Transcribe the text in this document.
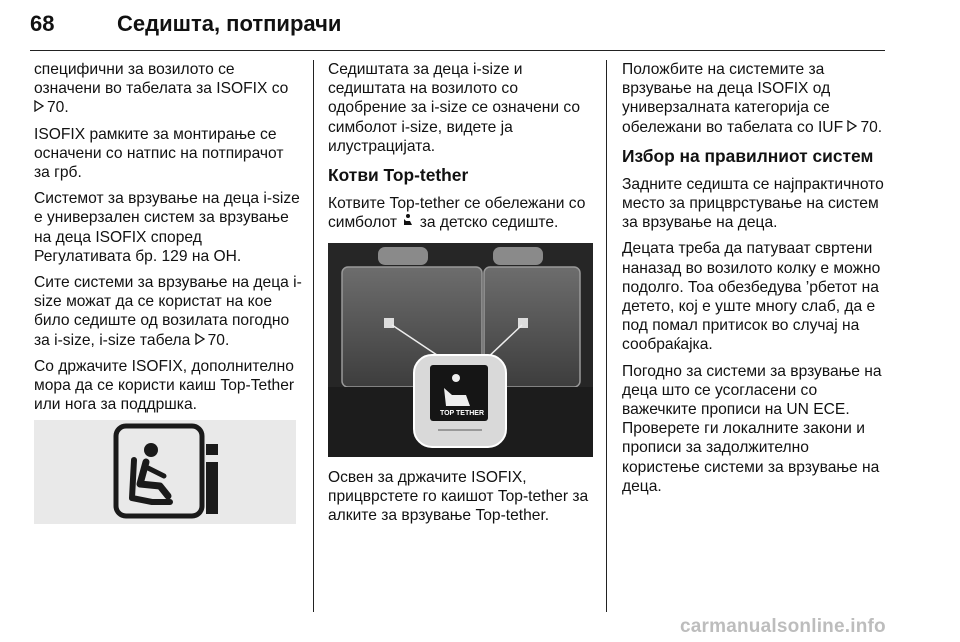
68	Седишта, потпирачи

специфични за возилото се означени во табелата за ISOFIX со 70.

ISOFIX рамките за монтирање се осначени со натпис на потпирачот за грб.

Системот за врзување на деца i-size е универзален систем за врзување на деца ISOFIX според Регулативата бр. 129 на ОН.

Сите системи за врзување на деца i-size можат да се користат на кое било седиште од возилата погодно за i-size, i-size табела 70.

Со држачите ISOFIX, дополнително мора да се користи каиш Top-Tether или нога за поддршка.

Седиштата за деца i-size и седиштата на возилото со одобрение за i-size се означени со симболот i-size, видете ја илустрацијата.

Котви Top-tether

Котвите Top-tether се обележани со симболот за детско седиште.

TOP TETHER

Освен за држачите ISOFIX, прицврстете го каишот Top-tether за алките за врзување Top-tether.

Положбите на системите за врзување на деца ISOFIX од универзалната категорија се обележани во табелата со IUF 70.

Избор на правилниот систем

Задните седишта се најпрактичното место за прицврстување на систем за врзување на деца.

Децата треба да патуваат свртени наназад во возилото колку е можно подолго. Тоа обезбедува ’рбетот на детето, кој е уште многу слаб, да е под помал притисок во случај на сообраќајка.

Погодно за системи за врзување на деца што се усогласени со важечките прописи на UN ECE. Проверете ги локалните закони и прописи за задолжително користење системи за врзување на деца.

carmanualsonline.info
